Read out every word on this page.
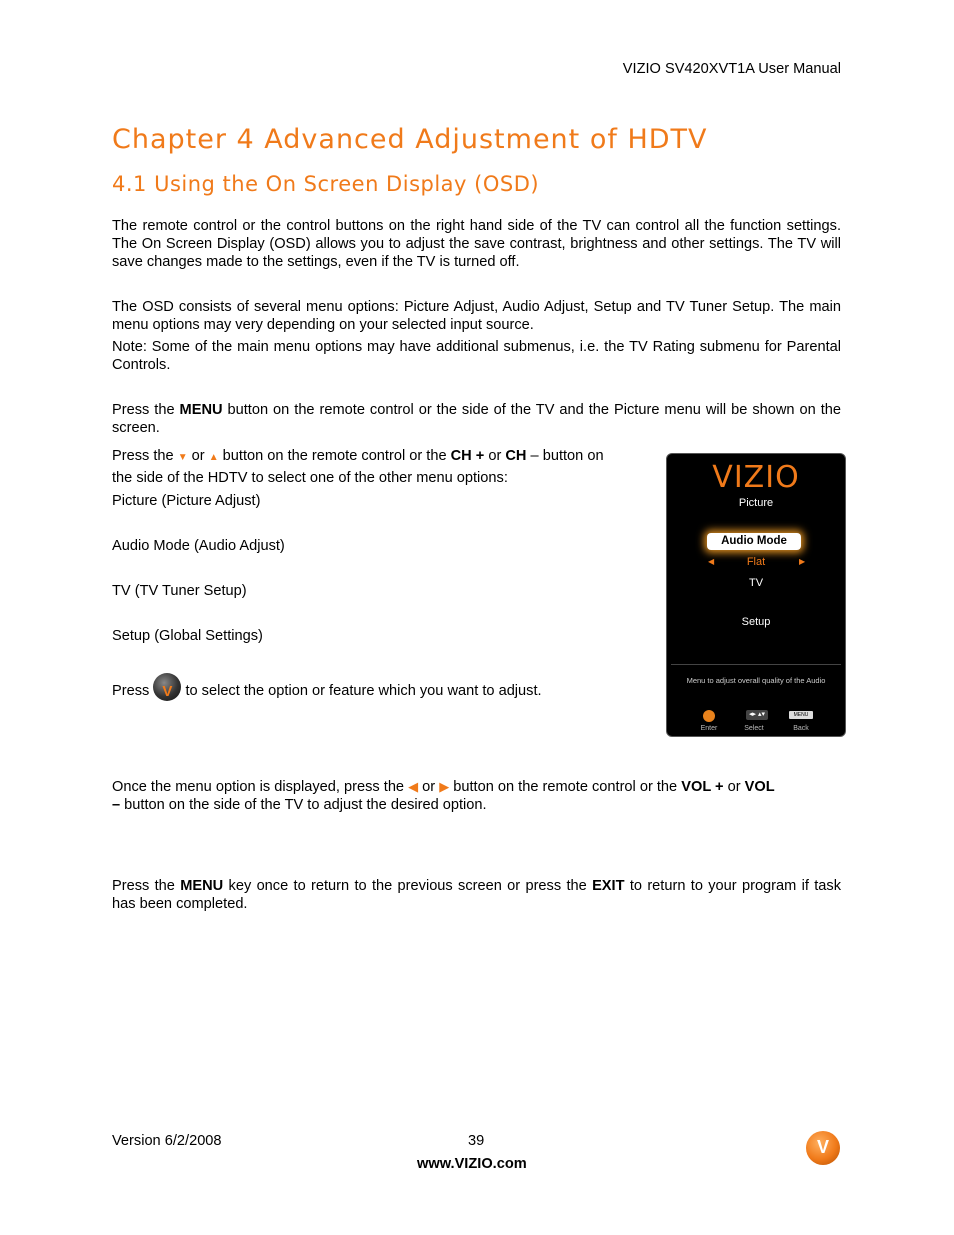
VIZIO SV420XVT1A User Manual
Chapter 4 Advanced Adjustment of HDTV
4.1 Using the On Screen Display (OSD)
The remote control or the control buttons on the right hand side of the TV can control all the function settings. The On Screen Display (OSD) allows you to adjust the save contrast, brightness and other settings. The TV will save changes made to the settings, even if the TV is turned off.
The OSD consists of several menu options: Picture Adjust, Audio Adjust, Setup and TV Tuner Setup. The main menu options may very depending on your selected input source.
Note: Some of the main menu options may have additional submenus, i.e. the TV Rating submenu for Parental Controls.
Press the MENU button on the remote control or the side of the TV and the Picture menu will be shown on the screen.
Press the ▼ or ▲ button on the remote control or the CH + or CH – button on
the side of the HDTV to select one of the other menu options:
Picture (Picture Adjust)
Audio Mode (Audio Adjust)
TV (TV Tuner Setup)
Setup (Global Settings)
Press V to select the option or feature which you want to adjust.
VIZIO
Picture
Audio Mode
◀	Flat	▶
TV
Setup
Menu to adjust overall quality of the Audio
◂▸ ▴▾	MENU
Enter	Select	Back
Once the menu option is displayed, press the ◀ or ▶ button on the remote control or the VOL + or VOL
– button on the side of the TV to adjust the desired option.
Press the MENU key once to return to the previous screen or press the EXIT to return to your program if task has been completed.
Version 6/2/2008	39
www.VIZIO.com
V
